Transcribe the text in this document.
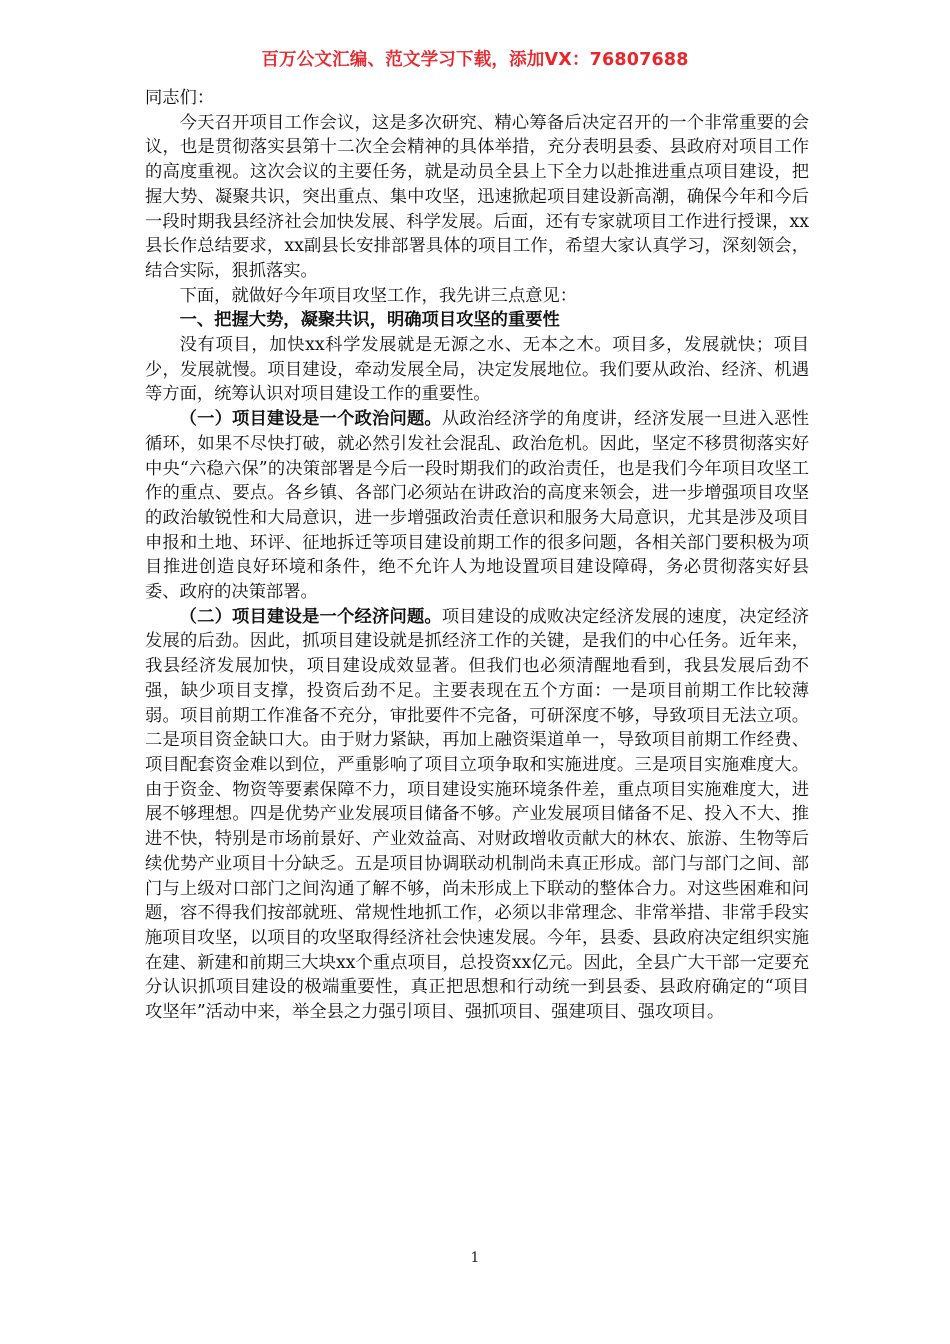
百万公文汇编、范文学习下载，添加VX：76807688

同志们：

今天召开项目工作会议，这是多次研究、精心筹备后决定召开的一个非常重要的会议，也是贯彻落实县第十二次全会精神的具体举措，充分表明县委、县政府对项目工作的高度重视。这次会议的主要任务，就是动员全县上下全力以赴推进重点项目建设，把握大势、凝聚共识，突出重点、集中攻坚，迅速掀起项目建设新高潮，确保今年和今后一段时期我县经济社会加快发展、科学发展。后面，还有专家就项目工作进行授课，xx县长作总结要求，xx副县长安排部署具体的项目工作，希望大家认真学习，深刻领会，结合实际，狠抓落实。

下面，就做好今年项目攻坚工作，我先讲三点意见：

一、把握大势，凝聚共识，明确项目攻坚的重要性

没有项目，加快xx科学发展就是无源之水、无本之木。项目多，发展就快；项目少，发展就慢。项目建设，牵动发展全局，决定发展地位。我们要从政治、经济、机遇等方面，统筹认识对项目建设工作的重要性。

（一）项目建设是一个政治问题。从政治经济学的角度讲，经济发展一旦进入恶性循环，如果不尽快打破，就必然引发社会混乱、政治危机。因此，坚定不移贯彻落实好中央“六稳六保”的决策部署是今后一段时期我们的政治责任，也是我们今年项目攻坚工作的重点、要点。各乡镇、各部门必须站在讲政治的高度来领会，进一步增强项目攻坚的政治敏锐性和大局意识，进一步增强政治责任意识和服务大局意识，尤其是涉及项目申报和土地、环评、征地拆迁等项目建设前期工作的很多问题，各相关部门要积极为项目推进创造良好环境和条件，绝不允许人为地设置项目建设障碍，务必贯彻落实好县委、政府的决策部署。

（二）项目建设是一个经济问题。项目建设的成败决定经济发展的速度，决定经济发展的后劲。因此，抓项目建设就是抓经济工作的关键，是我们的中心任务。近年来，我县经济发展加快，项目建设成效显著。但我们也必须清醒地看到，我县发展后劲不强，缺少项目支撑，投资后劲不足。主要表现在五个方面：一是项目前期工作比较薄弱。项目前期工作准备不充分，审批要件不完备，可研深度不够，导致项目无法立项。二是项目资金缺口大。由于财力紧缺，再加上融资渠道单一，导致项目前期工作经费、项目配套资金难以到位，严重影响了项目立项争取和实施进度。三是项目实施难度大。由于资金、物资等要素保障不力，项目建设实施环境条件差，重点项目实施难度大，进展不够理想。四是优势产业发展项目储备不够。产业发展项目储备不足、投入不大、推进不快，特别是市场前景好、产业效益高、对财政增收贡献大的林农、旅游、生物等后续优势产业项目十分缺乏。五是项目协调联动机制尚未真正形成。部门与部门之间、部门与上级对口部门之间沟通了解不够，尚未形成上下联动的整体合力。对这些困难和问题，容不得我们按部就班、常规性地抓工作，必须以非常理念、非常举措、非常手段实施项目攻坚，以项目的攻坚取得经济社会快速发展。今年，县委、县政府决定组织实施在建、新建和前期三大块xx个重点项目，总投资xx亿元。因此，全县广大干部一定要充分认识抓项目建设的极端重要性，真正把思想和行动统一到县委、县政府确定的“项目攻坚年”活动中来，举全县之力强引项目、强抓项目、强建项目、强攻项目。

1
